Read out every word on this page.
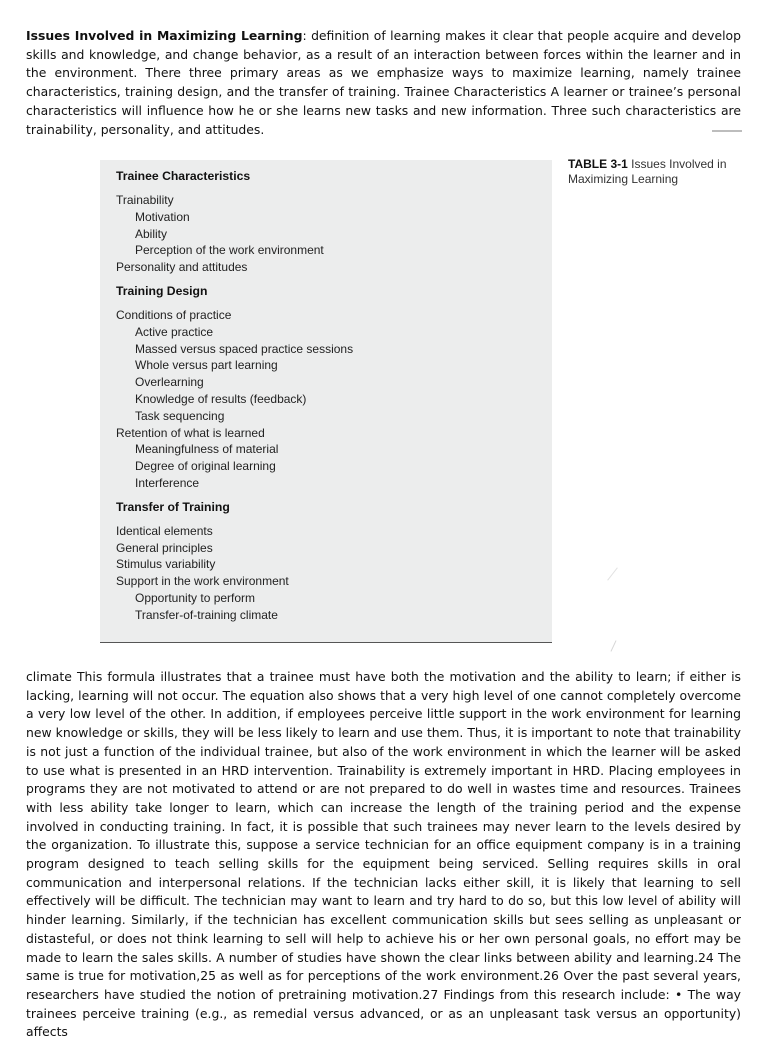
Issues Involved in Maximizing Learning: definition of learning makes it clear that people acquire and develop skills and knowledge, and change behavior, as a result of an interaction between forces within the learner and in the environment. There three primary areas as we emphasize ways to maximize learning, namely trainee characteristics, training design, and the transfer of training. Trainee Characteristics A learner or trainee’s personal characteristics will influence how he or she learns new tasks and new information. Three such characteristics are trainability, personality, and attitudes.

Trainee Characteristics
Trainability
Motivation
Ability
Perception of the work environment
Personality and attitudes
Training Design
Conditions of practice
Active practice
Massed versus spaced practice sessions
Whole versus part learning
Overlearning
Knowledge of results (feedback)
Task sequencing
Retention of what is learned
Meaningfulness of material
Degree of original learning
Interference
Transfer of Training
Identical elements
General principles
Stimulus variability
Support in the work environment
Opportunity to perform
Transfer-of-training climate
TABLE 3-1 Issues Involved in Maximizing Learning

climate This formula illustrates that a trainee must have both the motivation and the ability to learn; if either is lacking, learning will not occur. The equation also shows that a very high level of one cannot completely overcome a very low level of the other. In addition, if employees perceive little support in the work environment for learning new knowledge or skills, they will be less likely to learn and use them. Thus, it is important to note that trainability is not just a function of the individual trainee, but also of the work environment in which the learner will be asked to use what is presented in an HRD intervention. Trainability is extremely important in HRD. Placing employees in programs they are not motivated to attend or are not prepared to do well in wastes time and resources. Trainees with less ability take longer to learn, which can increase the length of the training period and the expense involved in conducting training. In fact, it is possible that such trainees may never learn to the levels desired by the organization. To illustrate this, suppose a service technician for an office equipment company is in a training program designed to teach selling skills for the equipment being serviced. Selling requires skills in oral communication and interpersonal relations. If the technician lacks either skill, it is likely that learning to sell effectively will be difficult. The technician may want to learn and try hard to do so, but this low level of ability will hinder learning. Similarly, if the technician has excellent communication skills but sees selling as unpleasant or distasteful, or does not think learning to sell will help to achieve his or her own personal goals, no effort may be made to learn the sales skills. A number of studies have shown the clear links between ability and learning.24 The same is true for motivation,25 as well as for perceptions of the work environment.26 Over the past several years, researchers have studied the notion of pretraining motivation.27 Findings from this research include: • The way trainees perceive training (e.g., as remedial versus advanced, or as an unpleasant task versus an opportunity) affects
